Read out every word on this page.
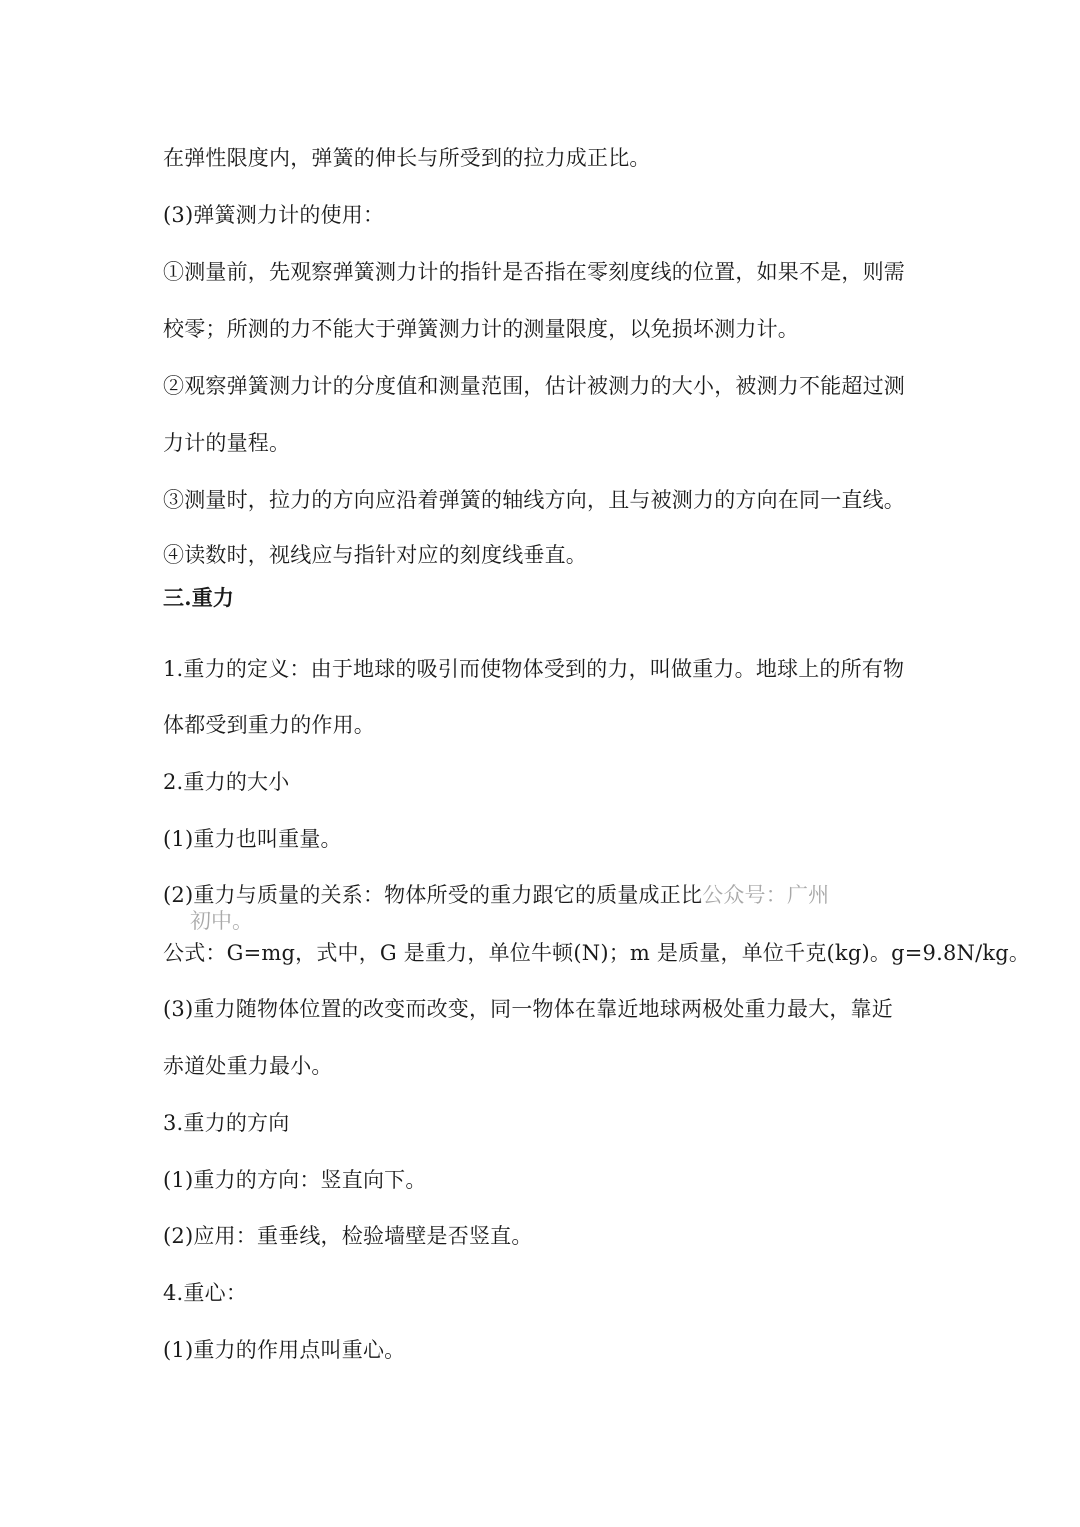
在弹性限度内，弹簧的伸长与所受到的拉力成正比。
(3)弹簧测力计的使用：
①测量前，先观察弹簧测力计的指针是否指在零刻度线的位置，如果不是，则需
校零；所测的力不能大于弹簧测力计的测量限度，以免损坏测力计。
②观察弹簧测力计的分度值和测量范围，估计被测力的大小，被测力不能超过测
力计的量程。
③测量时，拉力的方向应沿着弹簧的轴线方向，且与被测力的方向在同一直线。
④读数时，视线应与指针对应的刻度线垂直。
三.重力
1.重力的定义：由于地球的吸引而使物体受到的力，叫做重力。地球上的所有物
体都受到重力的作用。
2.重力的大小
(1)重力也叫重量。
(2)重力与质量的关系：物体所受的重力跟它的质量成正比公众号：广州
初中。
公式：G=mg，式中，G 是重力，单位牛顿(N)；m 是质量，单位千克(kg)。g=9.8N/kg。
(3)重力随物体位置的改变而改变，同一物体在靠近地球两极处重力最大，靠近
赤道处重力最小。
3.重力的方向
(1)重力的方向：竖直向下。
(2)应用：重垂线，检验墙壁是否竖直。
4.重心：
(1)重力的作用点叫重心。
